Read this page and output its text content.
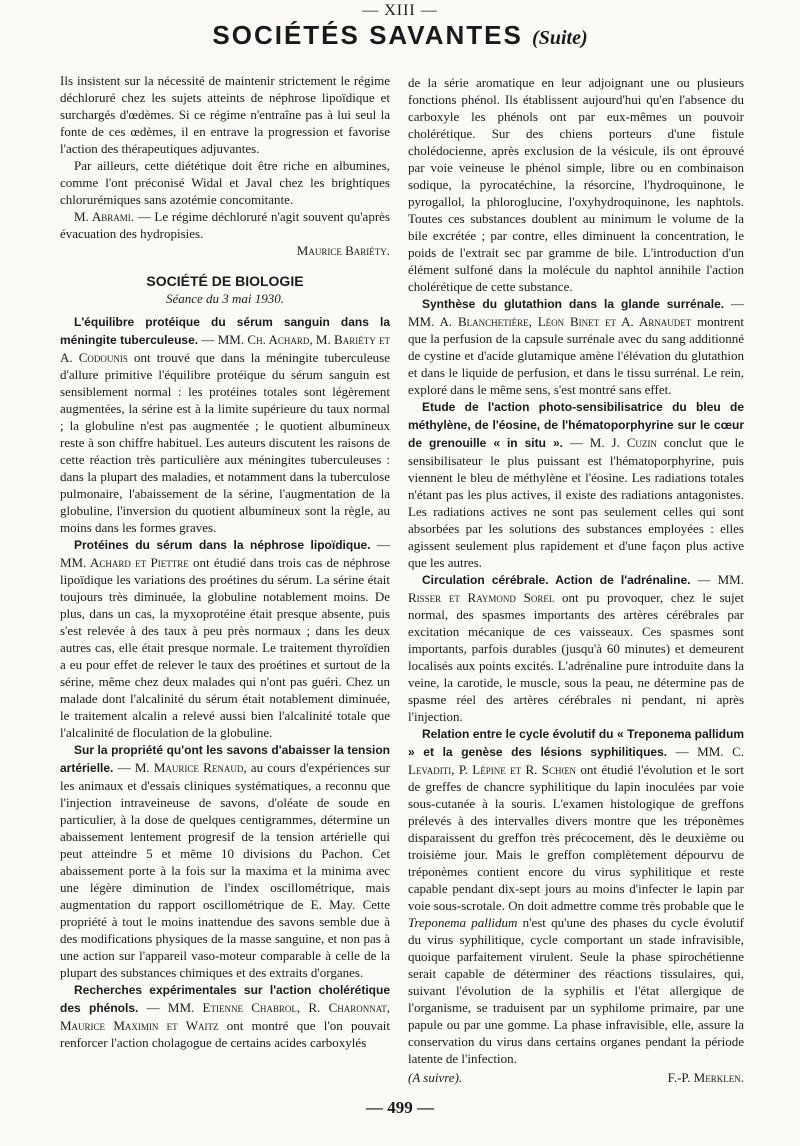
— XIII —
SOCIÉTÉS SAVANTES (Suite)

Ils insistent sur la nécessité de maintenir strictement le régime déchloruré chez les sujets atteints de néphrose lipoïdique et surchargés d'œdèmes. Si ce régime n'entraîne pas à lui seul la fonte de ces œdèmes, il en entrave la progression et favorise l'action des thérapeutiques adjuvantes.

Par ailleurs, cette diététique doit être riche en albumines, comme l'ont préconisé Widal et Javal chez les brightiques chlorurémiques sans azotémie concomitante.

M. Abrami. — Le régime déchloruré n'agit souvent qu'après évacuation des hydropisies.

Maurice Bariéty.

SOCIÉTÉ DE BIOLOGIE
Séance du 3 mai 1930.

L'équilibre protéique du sérum sanguin dans la méningite tuberculeuse. — MM. Ch. Achard, M. Bariéty et A. Codounis ont trouvé que dans la méningite tuberculeuse d'allure primitive l'équilibre protéique du sérum sanguin est sensiblement normal : les protéines totales sont légèrement augmentées, la sérine est à la limite supérieure du taux normal ; la globuline n'est pas augmentée ; le quotient albumineux reste à son chiffre habituel. Les auteurs discutent les raisons de cette réaction très particulière aux méningites tuberculeuses : dans la plupart des maladies, et notamment dans la tuberculose pulmonaire, l'abaissement de la sérine, l'augmentation de la globuline, l'inversion du quotient albumineux sont la règle, au moins dans les formes graves.

Protéines du sérum dans la néphrose lipoïdique. — MM. Achard et Piettre ont étudié dans trois cas de néphrose lipoïdique les variations des proétines du sérum. La sérine était toujours très diminuée, la globuline notablement moins. De plus, dans un cas, la myxoprotéine était presque absente, puis s'est relevée à des taux à peu près normaux ; dans les deux autres cas, elle était presque normale. Le traitement thyroïdien a eu pour effet de relever le taux des proétines et surtout de la sérine, même chez deux malades qui n'ont pas guéri. Chez un malade dont l'alcalinité du sérum était notablement diminuée, le traitement alcalin a relevé aussi bien l'alcalinité totale que l'alcalinité de floculation de la globuline.

Sur la propriété qu'ont les savons d'abaisser la tension artérielle. — M. Maurice Renaud, au cours d'expériences sur les animaux et d'essais cliniques systématiques, a reconnu que l'injection intraveineuse de savons, d'oléate de soude en particulier, à la dose de quelques centigrammes, détermine un abaissement lentement progresif de la tension artérielle qui peut atteindre 5 et même 10 divisions du Pachon. Cet abaissement porte à la fois sur la maxima et la minima avec une légère diminution de l'index oscillométrique, mais augmentation du rapport oscillométrique de E. May. Cette propriété à tout le moins inattendue des savons semble due à des modifications physiques de la masse sanguine, et non pas à une action sur l'appareil vaso-moteur comparable à celle de la plupart des substances chimiques et des extraits d'organes.

Recherches expérimentales sur l'action cholérétique des phénols. — MM. Etienne Chabrol, R. Charonnat, Maurice Maximin et Waitz ont montré que l'on pouvait renforcer l'action cholagogue de certains acides carboxylés

de la série aromatique en leur adjoignant une ou plusieurs fonctions phénol. Ils établissent aujourd'hui qu'en l'absence du carboxyle les phénols ont par eux-mêmes un pouvoir cholérétique. Sur des chiens porteurs d'une fistule cholédocienne, après exclusion de la vésicule, ils ont éprouvé par voie veineuse le phénol simple, libre ou en combinaison sodique, la pyrocatéchine, la résorcine, l'hydroquinone, le pyrogallol, la phloroglucine, l'oxyhydroquinone, les naphtols. Toutes ces substances doublent au minimum le volume de la bile excrétée ; par contre, elles diminuent la concentration, le poids de l'extrait sec par gramme de bile. L'introduction d'un élément sulfoné dans la molécule du naphtol annihile l'action cholérétique de cette substance.

Synthèse du glutathion dans la glande surrénale. — MM. A. Blanchetière, Léon Binet et A. Arnaudet montrent que la perfusion de la capsule surrénale avec du sang additionné de cystine et d'acide glutamique amène l'élévation du glutathion et dans le liquide de perfusion, et dans le tissu surrénal. Le rein, exploré dans le même sens, s'est montré sans effet.

Etude de l'action photo-sensibilisatrice du bleu de méthylène, de l'éosine, de l'hématoporphyrine sur le cœur de grenouille « in situ ». — M. J. Cuzin conclut que le sensibilisateur le plus puissant est l'hématoporphyrine, puis viennent le bleu de méthylène et l'éosine. Les radiations totales n'étant pas les plus actives, il existe des radiations antagonistes. Les radiations actives ne sont pas seulement celles qui sont absorbées par les solutions des substances employées : elles agissent seulement plus rapidement et d'une façon plus active que les autres.

Circulation cérébrale. Action de l'adrénaline. — MM. Risser et Raymond Sorel ont pu provoquer, chez le sujet normal, des spasmes importants des artères cérébrales par excitation mécanique de ces vaisseaux. Ces spasmes sont importants, parfois durables (jusqu'à 60 minutes) et demeurent localisés aux points excités. L'adrénaline pure introduite dans la veine, la carotide, le muscle, sous la peau, ne détermine pas de spasme réel des artères cérébrales ni pendant, ni après l'injection.

Relation entre le cycle évolutif du « Treponema pallidum » et la genèse des lésions syphilitiques. — MM. C. Levaditi, P. Lépine et R. Schœn ont étudié l'évolution et le sort de greffes de chancre syphilitique du lapin inoculées par voie sous-cutanée à la souris. L'examen histologique de greffons prélevés à des intervalles divers montre que les tréponèmes disparaissent du greffon très précocement, dès le deuxième ou troisième jour. Mais le greffon complètement dépourvu de tréponèmes contient encore du virus syphilitique et reste capable pendant dix-sept jours au moins d'infecter le lapin par voie sous-scrotale. On doit admettre comme très probable que le Treponema pallidum n'est qu'une des phases du cycle évolutif du virus syphilitique, cycle comportant un stade infravisible, quoique parfaitement virulent. Seule la phase spirochétienne serait capable de déterminer des réactions tissulaires, qui, suivant l'évolution de la syphilis et l'état allergique de l'organisme, se traduisent par un syphilome primaire, par une papule ou par une gomme. La phase infravisible, elle, assure la conservation du virus dans certains organes pendant la période latente de l'infection.

(A suivre).	F.-P. Merklen.
— 499 —
